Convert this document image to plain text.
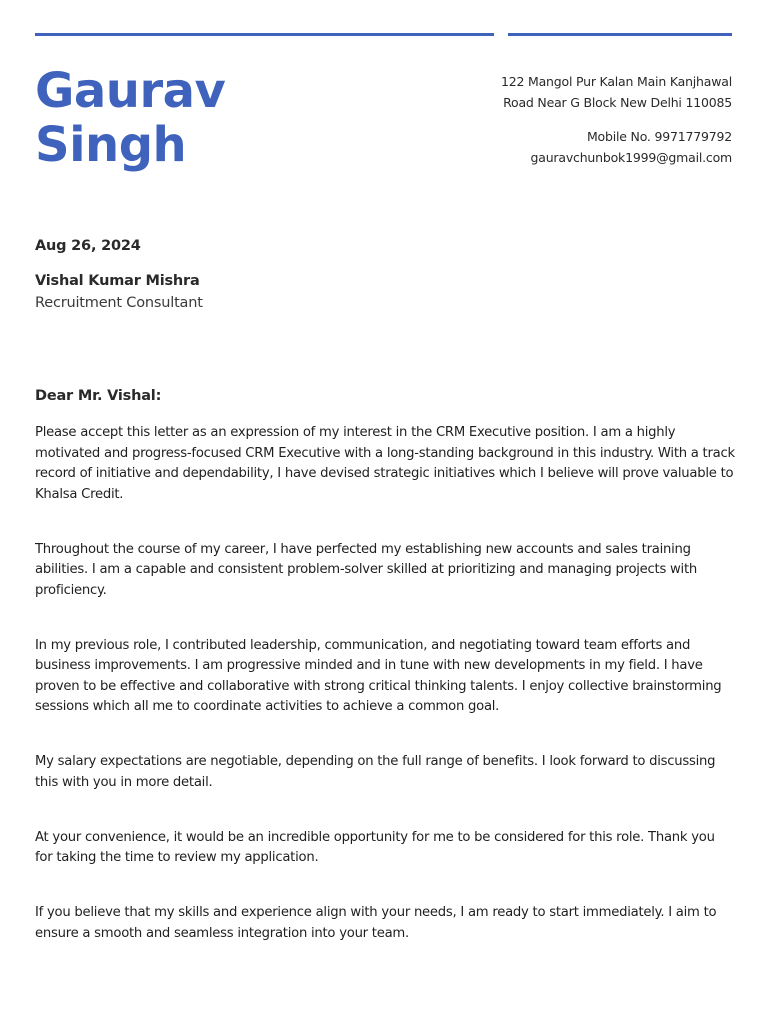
Gaurav
Singh
122 Mangol Pur Kalan Main Kanjhawal
Road Near G Block New Delhi 110085
Mobile No. 9971779792
gauravchunbok1999@gmail.com
Aug 26, 2024
Vishal Kumar Mishra
Recruitment Consultant
Dear Mr. Vishal:

Please accept this letter as an expression of my interest in the CRM Executive position. I am a highly motivated and progress-focused CRM Executive with a long-standing background in this industry. With a track record of initiative and dependability, I have devised strategic initiatives which I believe will prove valuable to Khalsa Credit.

Throughout the course of my career, I have perfected my establishing new accounts and sales training abilities. I am a capable and consistent problem-solver skilled at prioritizing and managing projects with proficiency.

In my previous role, I contributed leadership, communication, and negotiating toward team efforts and business improvements. I am progressive minded and in tune with new developments in my field. I have proven to be effective and collaborative with strong critical thinking talents. I enjoy collective brainstorming sessions which all me to coordinate activities to achieve a common goal.

My salary expectations are negotiable, depending on the full range of benefits. I look forward to discussing this with you in more detail.

At your convenience, it would be an incredible opportunity for me to be considered for this role. Thank you for taking the time to review my application.

If you believe that my skills and experience align with your needs, I am ready to start immediately. I aim to ensure a smooth and seamless integration into your team.
